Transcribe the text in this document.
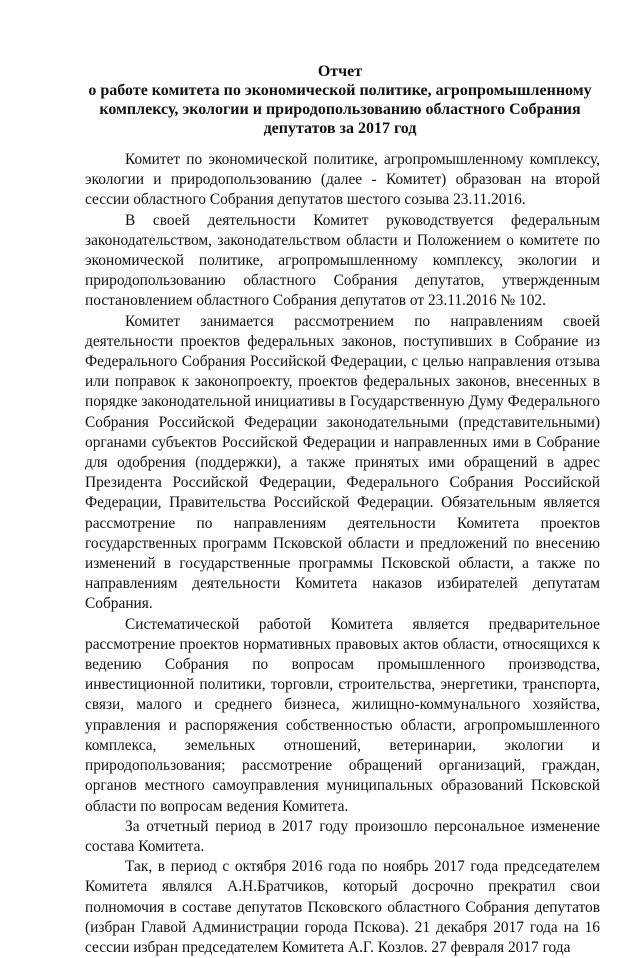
Отчет
о работе комитета по экономической политике, агропромышленному
комплексу, экологии и природопользованию областного Собрания
депутатов за 2017 год

Комитет по экономической политике, агропромышленному комплексу, экологии и природопользованию (далее - Комитет) образован на второй сессии областного Собрания депутатов шестого созыва 23.11.2016.

В своей деятельности Комитет руководствуется федеральным законодательством, законодательством области и Положением о комитете по экономической политике, агропромышленному комплексу, экологии и природопользованию областного Собрания депутатов, утвержденным постановлением областного Собрания депутатов от 23.11.2016 № 102.

Комитет занимается рассмотрением по направлениям своей деятельности проектов федеральных законов, поступивших в Собрание из Федерального Собрания Российской Федерации, с целью направления отзыва или поправок к законопроекту, проектов федеральных законов, внесенных в порядке законодательной инициативы в Государственную Думу Федерального Собрания Российской Федерации законодательными (представительными) органами субъектов Российской Федерации и направленных ими в Собрание для одобрения (поддержки), а также принятых ими обращений в адрес Президента Российской Федерации, Федерального Собрания Российской Федерации, Правительства Российской Федерации. Обязательным является рассмотрение по направлениям деятельности Комитета проектов государственных программ Псковской области и предложений по внесению изменений в государственные программы Псковской области, а также по направлениям деятельности Комитета наказов избирателей депутатам Собрания.

Систематической работой Комитета является предварительное рассмотрение проектов нормативных правовых актов области, относящихся к ведению Собрания по вопросам промышленного производства, инвестиционной политики, торговли, строительства, энергетики, транспорта, связи, малого и среднего бизнеса, жилищно-коммунального хозяйства, управления и распоряжения собственностью области, агропромышленного комплекса, земельных отношений, ветеринарии, экологии и природопользования; рассмотрение обращений организаций, граждан, органов местного самоуправления муниципальных образований Псковской области по вопросам ведения Комитета.

За отчетный период в 2017 году произошло персональное изменение состава Комитета.

Так, в период с октября 2016 года по ноябрь 2017 года председателем Комитета являлся А.Н.Братчиков, который досрочно прекратил свои полномочия в составе депутатов Псковского областного Собрания депутатов (избран Главой Администрации города Пскова). 21 декабря 2017 года на 16 сессии избран председателем Комитета А.Г. Козлов. 27 февраля 2017 года
